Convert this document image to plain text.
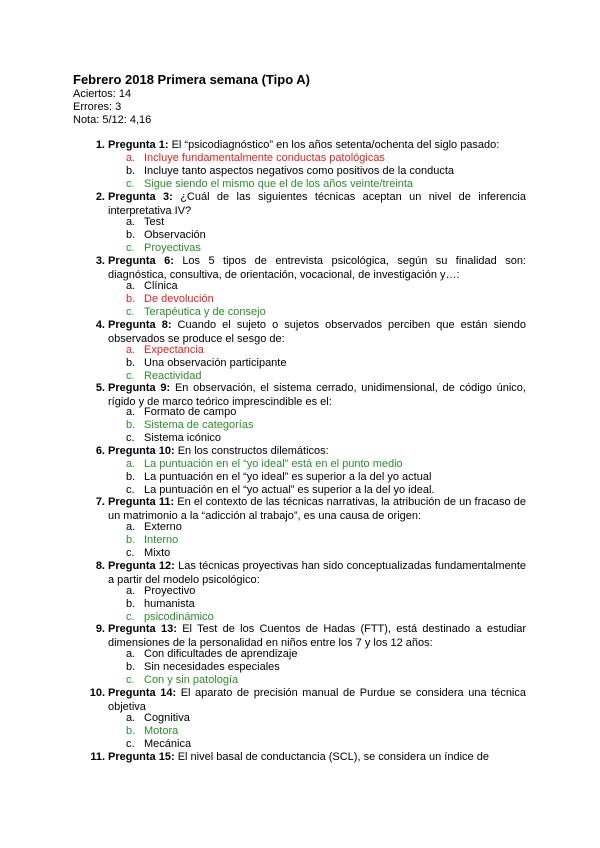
Febrero 2018 Primera semana (Tipo A)
Aciertos: 14
Errores: 3
Nota: 5/12: 4,16
1. Pregunta 1: El “psicodiagnóstico” en los años setenta/ochenta del siglo pasado:
a. Incluye fundamentalmente conductas patológicas
b. Incluye tanto aspectos negativos como positivos de la conducta
c. Sigue siendo el mismo que el de los años veinte/treinta
2. Pregunta 3: ¿Cuál de las siguientes técnicas aceptan un nivel de inferencia interpretativa IV?
a. Test
b. Observación
c. Proyectivas
3. Pregunta 6: Los 5 tipos de entrevista psicológica, según su finalidad son: diagnóstica, consultiva, de orientación, vocacional, de investigación y…:
a. Clínica
b. De devolución
c. Terapéutica y de consejo
4. Pregunta 8: Cuando el sujeto o sujetos observados perciben que están siendo observados se produce el sesgo de:
a. Expectancia
b. Una observación participante
c. Reactividad
5. Pregunta 9: En observación, el sistema cerrado, unidimensional, de código único, rígido y de marco teórico imprescindible es el:
a. Formato de campo
b. Sistema de categorías
c. Sistema icónico
6. Pregunta 10: En los constructos dilemáticos:
a. La puntuación en el “yo ideal” está en el punto medio
b. La puntuación en el “yo ideal” es superior a la del yo actual
c. La puntuación en el “yo actual” es superior a la del yo ideal.
7. Pregunta 11: En el contexto de las técnicas narrativas, la atribución de un fracaso de un matrimonio a la “adicción al trabajo”, es una causa de origen:
a. Externo
b. Interno
c. Mixto
8. Pregunta 12: Las técnicas proyectivas han sido conceptualizadas fundamentalmente a partir del modelo psicológico:
a. Proyectivo
b. humanista
c. psicodinámico
9. Pregunta 13: El Test de los Cuentos de Hadas (FTT), está destinado a estudiar dimensiones de la personalidad en niños entre los 7 y los 12 años:
a. Con dificultades de aprendizaje
b. Sin necesidades especiales
c. Con y sin patología
10. Pregunta 14: El aparato de precisión manual de Purdue se considera una técnica objetiva
a. Cognitiva
b. Motora
c. Mecánica
11. Pregunta 15: El nivel basal de conductancia (SCL), se considera un índice de
